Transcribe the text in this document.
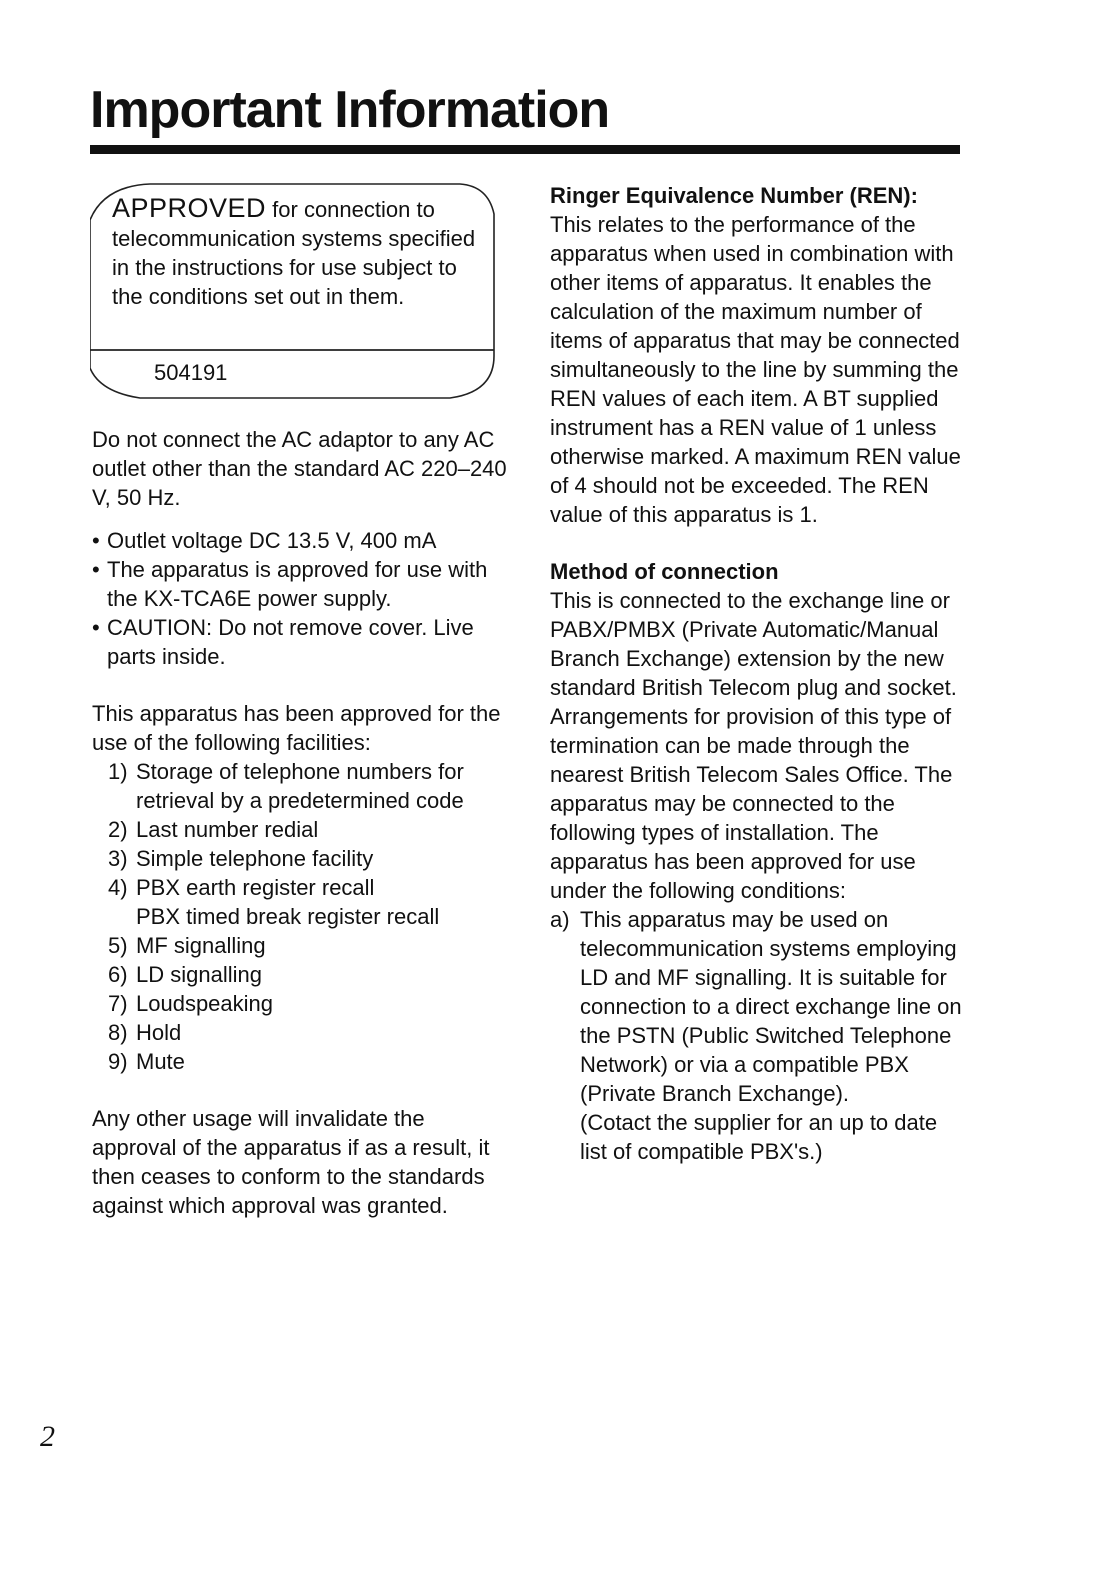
Important Information
APPROVED for connection to telecommunication systems specified in the instructions for use subject to the conditions set out in them.
504191

Do not connect the AC adaptor to any AC outlet other than the standard AC 220–240 V, 50 Hz.

• Outlet voltage DC 13.5 V, 400 mA
• The apparatus is approved for use with the KX-TCA6E power supply.
• CAUTION: Do not remove cover. Live parts inside.

This apparatus has been approved for the use of the following facilities:

1) Storage of telephone numbers for retrieval by a predetermined code
2) Last number redial
3) Simple telephone facility
4) PBX earth register recall
PBX timed break register recall
5) MF signalling
6) LD signalling
7) Loudspeaking
8) Hold
9) Mute

Any other usage will invalidate the approval of the apparatus if as a result, it then ceases to conform to the standards against which approval was granted.

Ringer Equivalence Number (REN):

This relates to the performance of the apparatus when used in combination with other items of apparatus. It enables the calculation of the maximum number of items of apparatus that may be connected simultaneously to the line by summing the REN values of each item. A BT supplied instrument has a REN value of 1 unless otherwise marked. A maximum REN value of 4 should not be exceeded. The REN value of this apparatus is 1.

Method of connection

This is connected to the exchange line or PABX/PMBX (Private Automatic/Manual Branch Exchange) extension by the new standard British Telecom plug and socket. Arrangements for provision of this type of termination can be made through the nearest British Telecom Sales Office. The apparatus may be connected to the following types of installation. The apparatus has been approved for use under the following conditions:

a) This apparatus may be used on telecommunication systems employing LD and MF signalling. It is suitable for connection to a direct exchange line on the PSTN (Public Switched Telephone Network) or via a compatible PBX (Private Branch Exchange).
(Cotact the supplier for an up to date list of compatible PBX's.)
2
